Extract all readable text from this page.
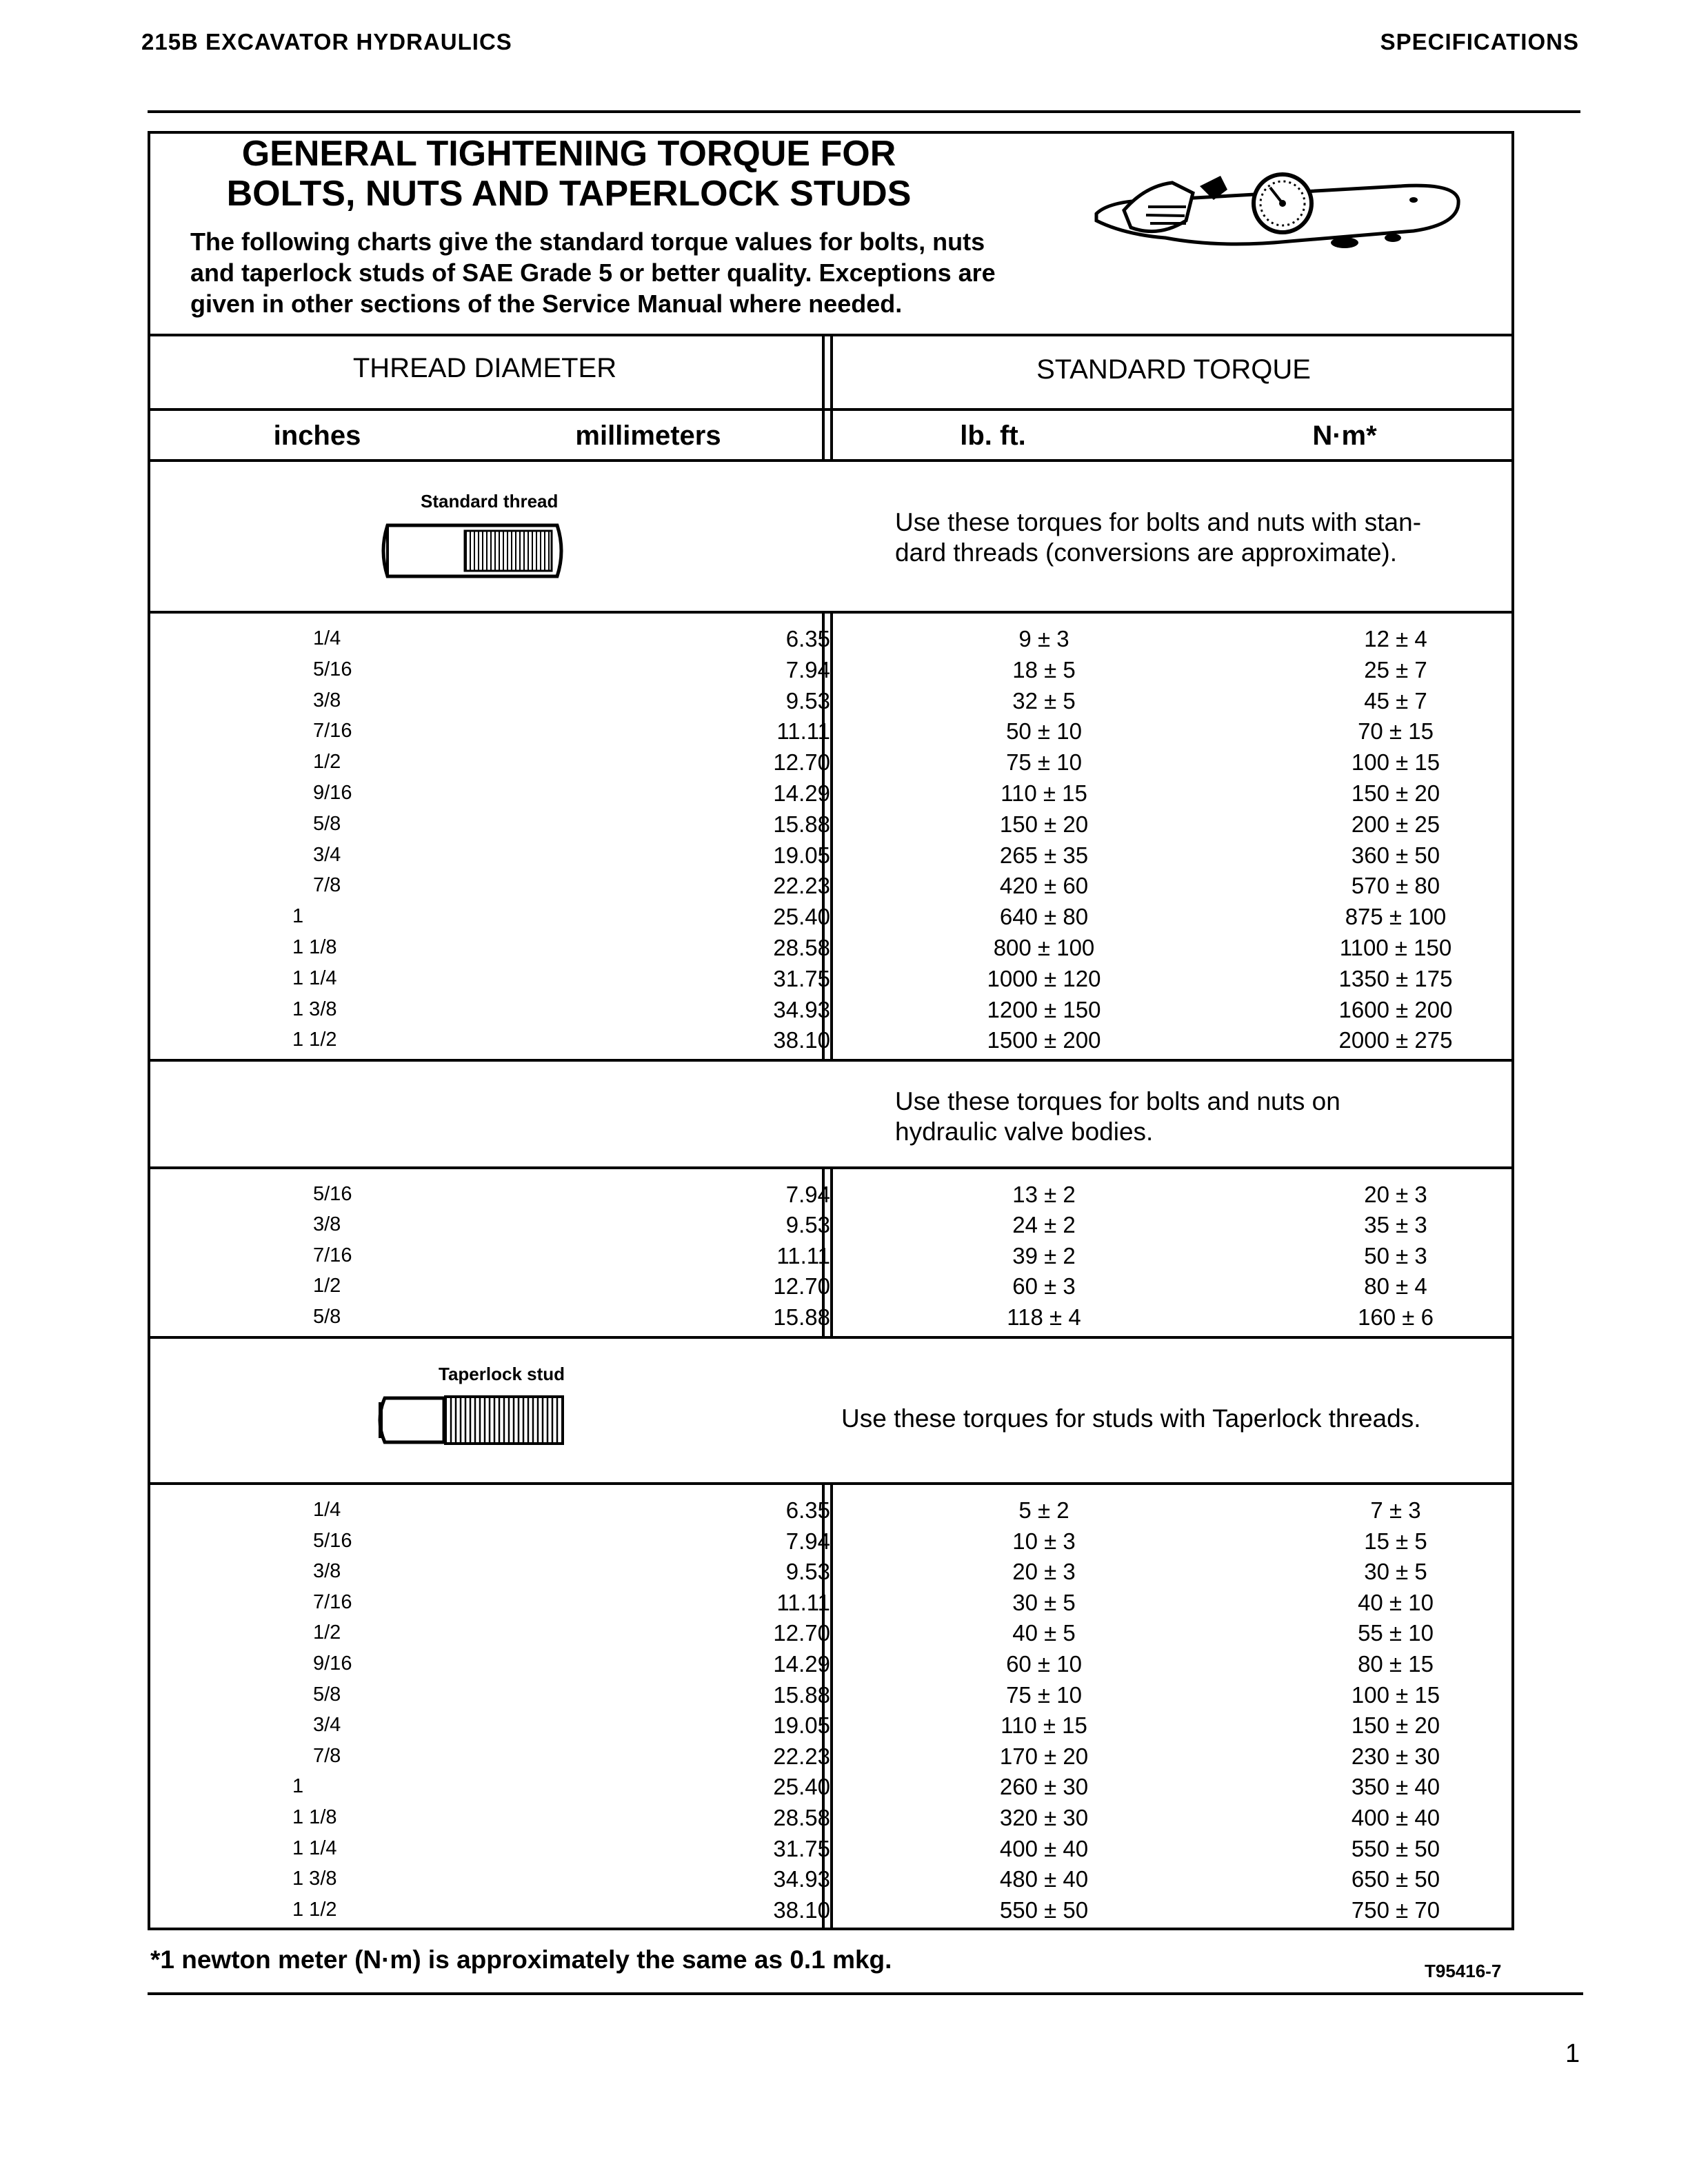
215B EXCAVATOR HYDRAULICS	SPECIFICATIONS
GENERAL TIGHTENING TORQUE FOR
BOLTS, NUTS AND TAPERLOCK STUDS
The following charts give the standard torque values for bolts, nuts
and taperlock studs of SAE Grade 5 or better quality. Exceptions are
given in other sections of the Service Manual where needed.
THREAD DIAMETER	STANDARD TORQUE
inches	millimeters	lb. ft.	N·m*
Standard thread
Use these torques for bolts and nuts with stan-
dard threads (conversions are approximate).
1/4	6.35	9 ± 3	12 ± 4
5/16	7.94	18 ± 5	25 ± 7
3/8	9.53	32 ± 5	45 ± 7
7/16	11.11	50 ± 10	70 ± 15
1/2	12.70	75 ± 10	100 ± 15
9/16	14.29	110 ± 15	150 ± 20
5/8	15.88	150 ± 20	200 ± 25
3/4	19.05	265 ± 35	360 ± 50
7/8	22.23	420 ± 60	570 ± 80
1	25.40	640 ± 80	875 ± 100
1 1/8	28.58	800 ± 100	1100 ± 150
1 1/4	31.75	1000 ± 120	1350 ± 175
1 3/8	34.93	1200 ± 150	1600 ± 200
1 1/2	38.10	1500 ± 200	2000 ± 275
Use these torques for bolts and nuts on
hydraulic valve bodies.
5/16	7.94	13 ± 2	20 ± 3
3/8	9.53	24 ± 2	35 ± 3
7/16	11.11	39 ± 2	50 ± 3
1/2	12.70	60 ± 3	80 ± 4
5/8	15.88	118 ± 4	160 ± 6
Taperlock stud
Use these torques for studs with Taperlock threads.
1/4	6.35	5 ± 2	7 ± 3
5/16	7.94	10 ± 3	15 ± 5
3/8	9.53	20 ± 3	30 ± 5
7/16	11.11	30 ± 5	40 ± 10
1/2	12.70	40 ± 5	55 ± 10
9/16	14.29	60 ± 10	80 ± 15
5/8	15.88	75 ± 10	100 ± 15
3/4	19.05	110 ± 15	150 ± 20
7/8	22.23	170 ± 20	230 ± 30
1	25.40	260 ± 30	350 ± 40
1 1/8	28.58	320 ± 30	400 ± 40
1 1/4	31.75	400 ± 40	550 ± 50
1 3/8	34.93	480 ± 40	650 ± 50
1 1/2	38.10	550 ± 50	750 ± 70
*1 newton meter (N·m) is approximately the same as 0.1 mkg.	T95416-7
1
